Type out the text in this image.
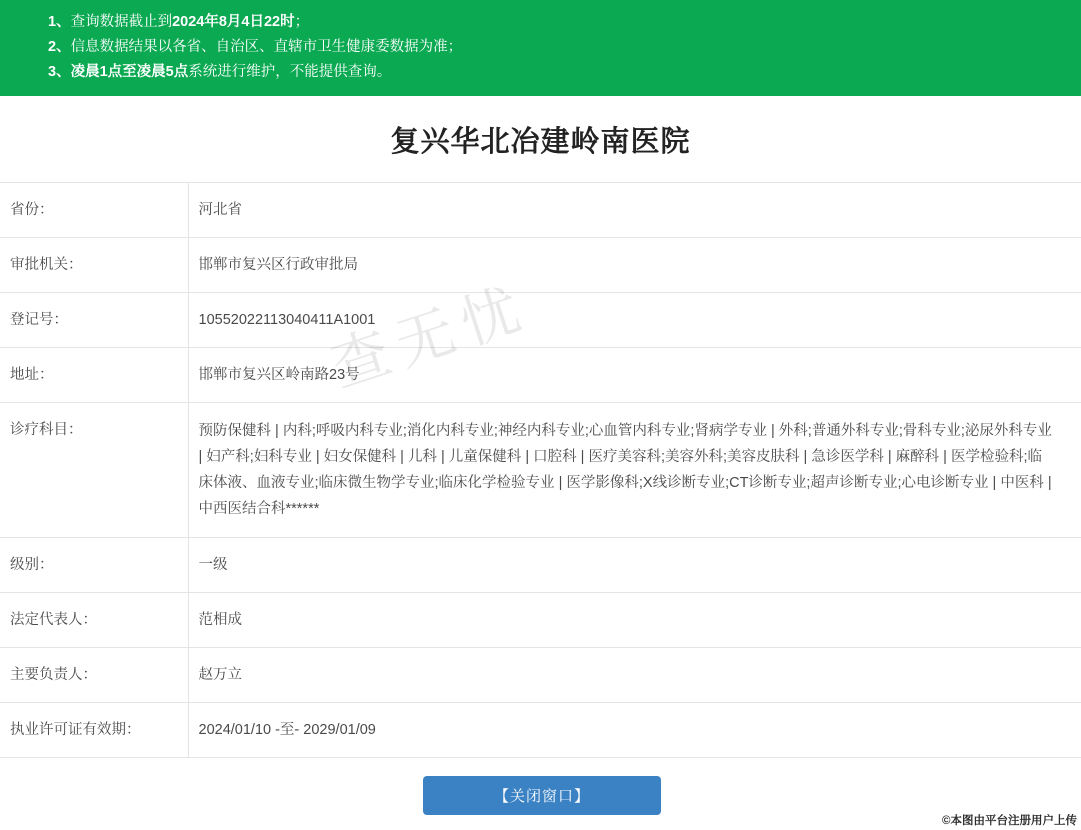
1、 查询数据截止到2024年8月4日22时；
2、 信息数据结果以各省、自治区、直辖市卫生健康委数据为准；
3、 凌晨1点至凌晨5点系统进行维护，不能提供查询。
复兴华北冶建岭南医院
查无忧
省份：	河北省
审批机关：	邯郸市复兴区行政审批局
登记号：	10552022113040411A1001
地址：	邯郸市复兴区岭南路23号
诊疗科目：	预防保健科 | 内科;呼吸内科专业;消化内科专业;神经内科专业;心血管内科专业;肾病学专业 | 外科;普通外科专业;骨科专业;泌尿外科专业 | 妇产科;妇科专业 | 妇女保健科 | 儿科 | 儿童保健科 | 口腔科 | 医疗美容科;美容外科;美容皮肤科 | 急诊医学科 | 麻醉科 | 医学检验科;临床体液、血液专业;临床微生物学专业;临床化学检验专业 | 医学影像科;X线诊断专业;CT诊断专业;超声诊断专业;心电诊断专业 | 中医科 | 中西医结合科******
级别：	一级
法定代表人：	范相成
主要负责人：	赵万立
执业许可证有效期：	2024/01/10 -至- 2029/01/09
【关闭窗口】
©本图由平台注册用户上传
